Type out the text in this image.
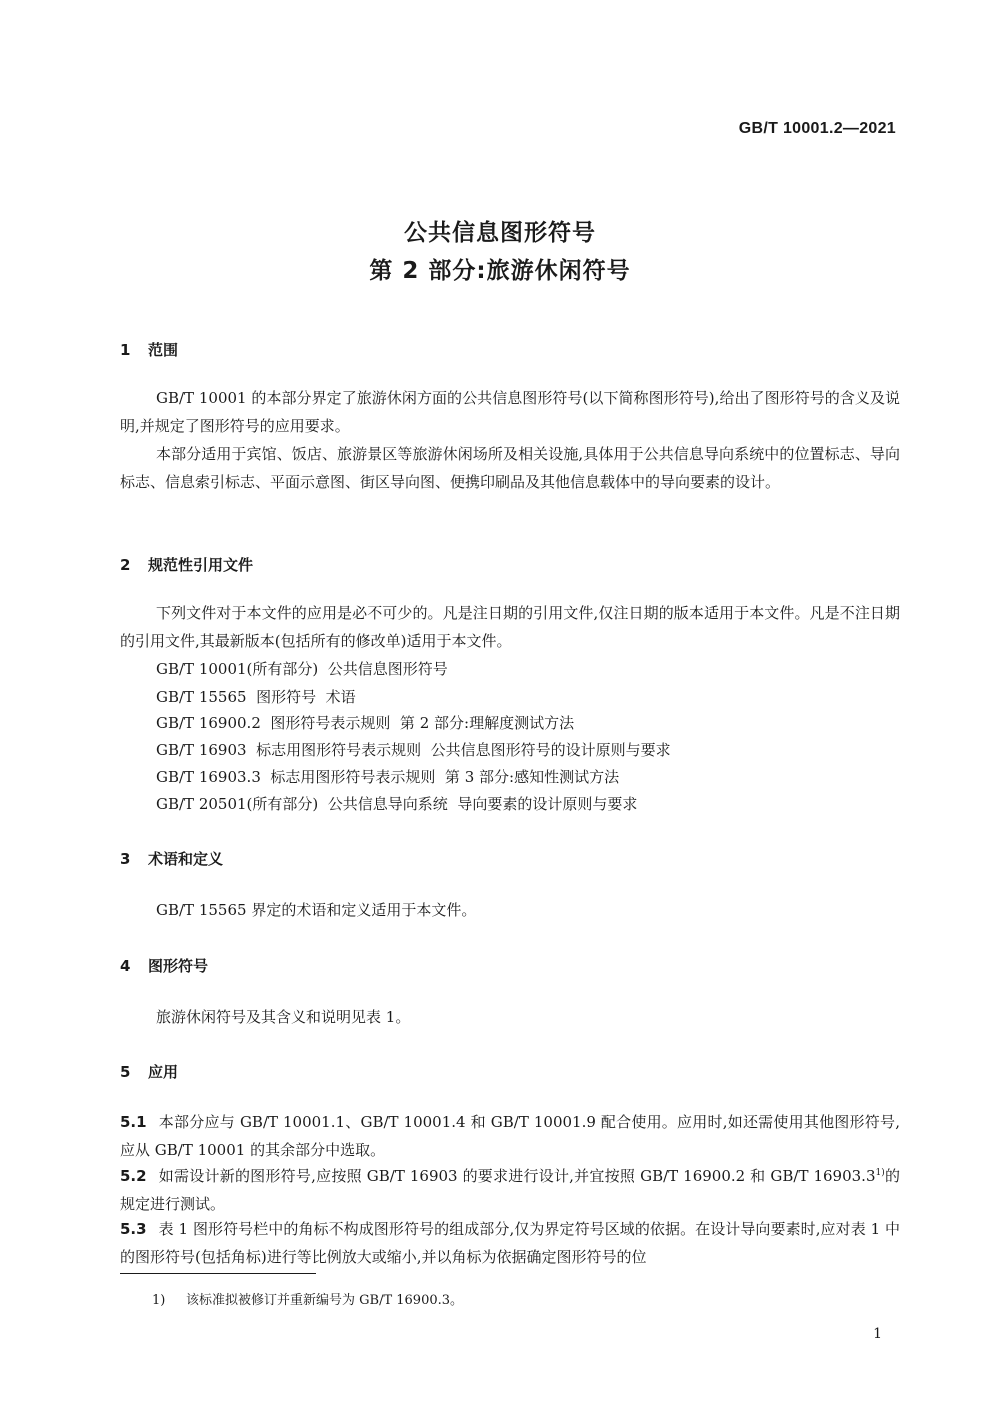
GB/T 10001.2—2021
公共信息图形符号
第 2 部分:旅游休闲符号
1 范围
GB/T 10001 的本部分界定了旅游休闲方面的公共信息图形符号(以下简称图形符号),给出了图形符号的含义及说明,并规定了图形符号的应用要求。
本部分适用于宾馆、饭店、旅游景区等旅游休闲场所及相关设施,具体用于公共信息导向系统中的位置标志、导向标志、信息索引标志、平面示意图、街区导向图、便携印刷品及其他信息载体中的导向要素的设计。
2 规范性引用文件
下列文件对于本文件的应用是必不可少的。凡是注日期的引用文件,仅注日期的版本适用于本文件。凡是不注日期的引用文件,其最新版本(包括所有的修改单)适用于本文件。
GB/T 10001(所有部分)  公共信息图形符号
GB/T 15565  图形符号  术语
GB/T 16900.2  图形符号表示规则  第 2 部分:理解度测试方法
GB/T 16903  标志用图形符号表示规则  公共信息图形符号的设计原则与要求
GB/T 16903.3  标志用图形符号表示规则  第 3 部分:感知性测试方法
GB/T 20501(所有部分)  公共信息导向系统  导向要素的设计原则与要求
3 术语和定义
GB/T 15565 界定的术语和定义适用于本文件。
4 图形符号
旅游休闲符号及其含义和说明见表 1。
5 应用
5.1 本部分应与 GB/T 10001.1、GB/T 10001.4 和 GB/T 10001.9 配合使用。应用时,如还需使用其他图形符号,应从 GB/T 10001 的其余部分中选取。
5.2 如需设计新的图形符号,应按照 GB/T 16903 的要求进行设计,并宜按照 GB/T 16900.2 和 GB/T 16903.3$^{1)}$的规定进行测试。
5.3 表 1 图形符号栏中的角标不构成图形符号的组成部分,仅为界定符号区域的依据。在设计导向要素时,应对表 1 中的图形符号(包括角标)进行等比例放大或缩小,并以角标为依据确定图形符号的位
1) 该标准拟被修订并重新编号为 GB/T 16900.3。
1
